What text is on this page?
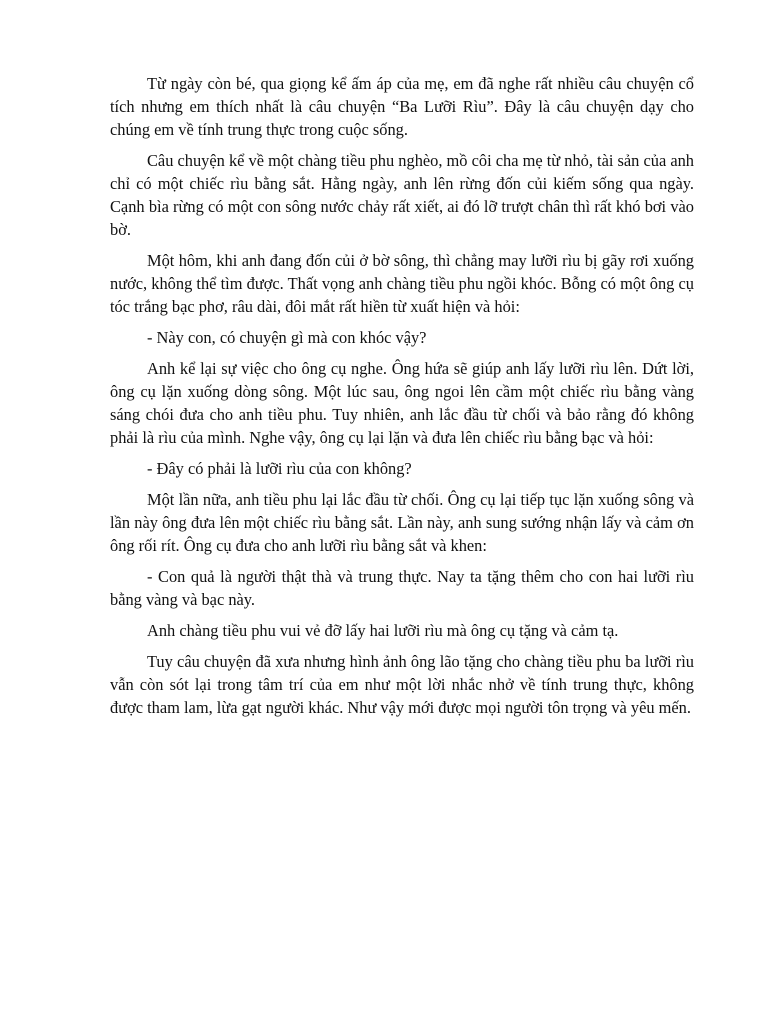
Từ ngày còn bé, qua giọng kể ấm áp của mẹ, em đã nghe rất nhiều câu chuyện cổ tích nhưng em thích nhất là câu chuyện “Ba Lưỡi Rìu”. Đây là câu chuyện dạy cho chúng em về tính trung thực trong cuộc sống.

Câu chuyện kể về một chàng tiều phu nghèo, mồ côi cha mẹ từ nhỏ, tài sản của anh chỉ có một chiếc rìu bằng sắt. Hằng ngày, anh lên rừng đốn củi kiếm sống qua ngày. Cạnh bìa rừng có một con sông nước chảy rất xiết, ai đó lỡ trượt chân thì rất khó bơi vào bờ.

Một hôm, khi anh đang đốn củi ở bờ sông, thì chẳng may lưỡi rìu bị gãy rơi xuống nước, không thể tìm được. Thất vọng anh chàng tiều phu ngồi khóc. Bỗng có một ông cụ tóc trắng bạc phơ, râu dài, đôi mắt rất hiền từ xuất hiện và hỏi:

- Này con, có chuyện gì mà con khóc vậy?

Anh kể lại sự việc cho ông cụ nghe. Ông hứa sẽ giúp anh lấy lưỡi rìu lên. Dứt lời, ông cụ lặn xuống dòng sông. Một lúc sau, ông ngoi lên cầm một chiếc rìu bằng vàng sáng chói đưa cho anh tiều phu. Tuy nhiên, anh lắc đầu từ chối và bảo rằng đó không phải là rìu của mình. Nghe vậy, ông cụ lại lặn và đưa lên chiếc rìu bằng bạc và hỏi:

- Đây có phải là lưỡi rìu của con không?

Một lần nữa, anh tiều phu lại lắc đầu từ chối. Ông cụ lại tiếp tục lặn xuống sông và lần này ông đưa lên một chiếc rìu bằng sắt. Lần này, anh sung sướng nhận lấy và cảm ơn ông rối rít. Ông cụ đưa cho anh lưỡi rìu bằng sắt và khen:

- Con quả là người thật thà và trung thực. Nay ta tặng thêm cho con hai lưỡi rìu bằng vàng và bạc này.

Anh chàng tiều phu vui vẻ đỡ lấy hai lưỡi rìu mà ông cụ tặng và cảm tạ.

Tuy câu chuyện đã xưa nhưng hình ảnh ông lão tặng cho chàng tiều phu ba lưỡi rìu vẫn còn sót lại trong tâm trí của em như một lời nhắc nhở về tính trung thực, không được tham lam, lừa gạt người khác. Như vậy mới được mọi người tôn trọng và yêu mến.
